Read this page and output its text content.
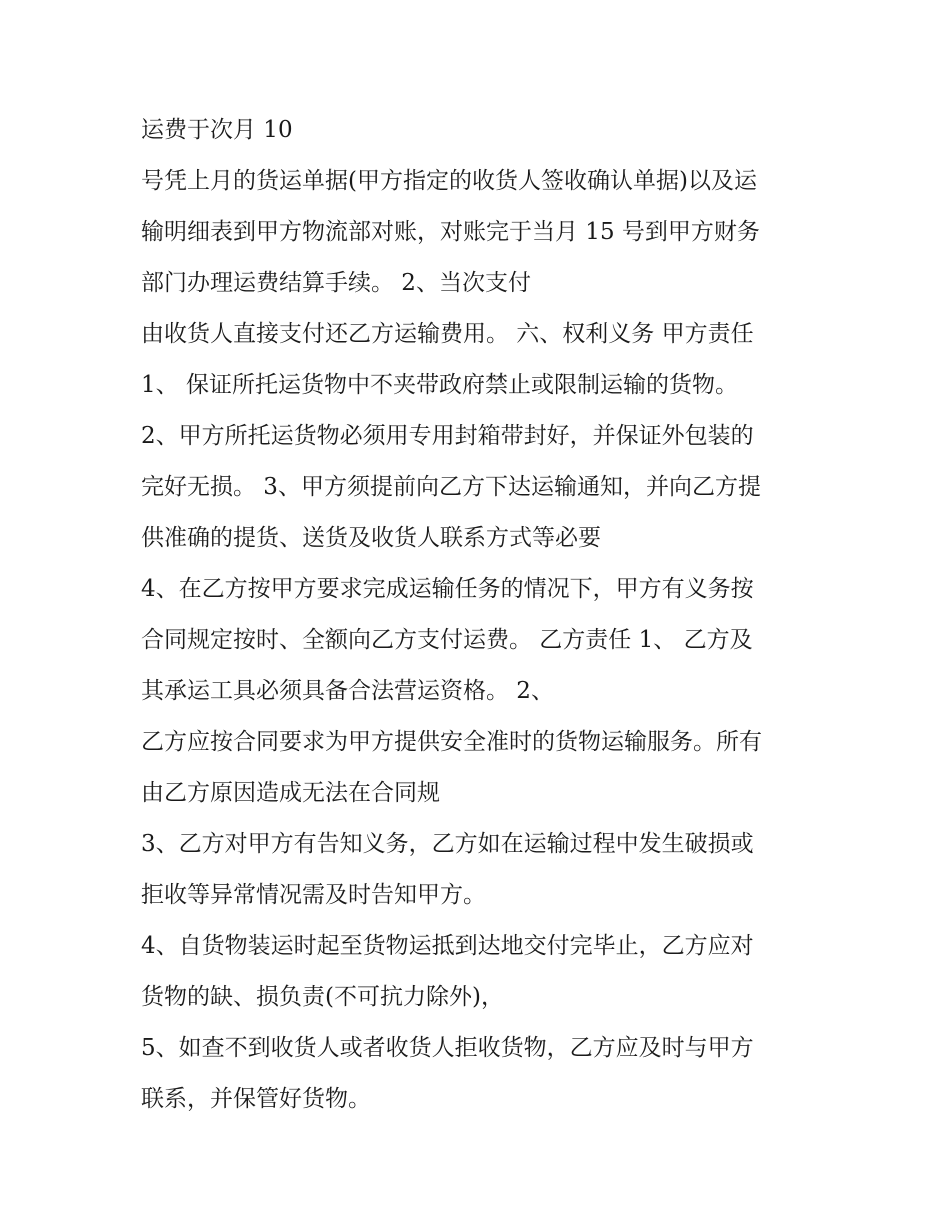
运费于次月 10
号凭上月的货运单据(甲方指定的收货人签收确认单据)以及运
输明细表到甲方物流部对账，对账完于当月 15 号到甲方财务
部门办理运费结算手续。 2、当次支付
由收货人直接支付还乙方运输费用。 六、权利义务 甲方责任
1、 保证所托运货物中不夹带政府禁止或限制运输的货物。
2、甲方所托运货物必须用专用封箱带封好，并保证外包装的
完好无损。 3、甲方须提前向乙方下达运输通知，并向乙方提
供准确的提货、送货及收货人联系方式等必要
4、在乙方按甲方要求完成运输任务的情况下，甲方有义务按
合同规定按时、全额向乙方支付运费。 乙方责任 1、 乙方及
其承运工具必须具备合法营运资格。 2、
乙方应按合同要求为甲方提供安全准时的货物运输服务。所有
由乙方原因造成无法在合同规
3、乙方对甲方有告知义务，乙方如在运输过程中发生破损或
拒收等异常情况需及时告知甲方。
4、自货物装运时起至货物运抵到达地交付完毕止，乙方应对
货物的缺、损负责(不可抗力除外)，
5、如查不到收货人或者收货人拒收货物，乙方应及时与甲方
联系，并保管好货物。
